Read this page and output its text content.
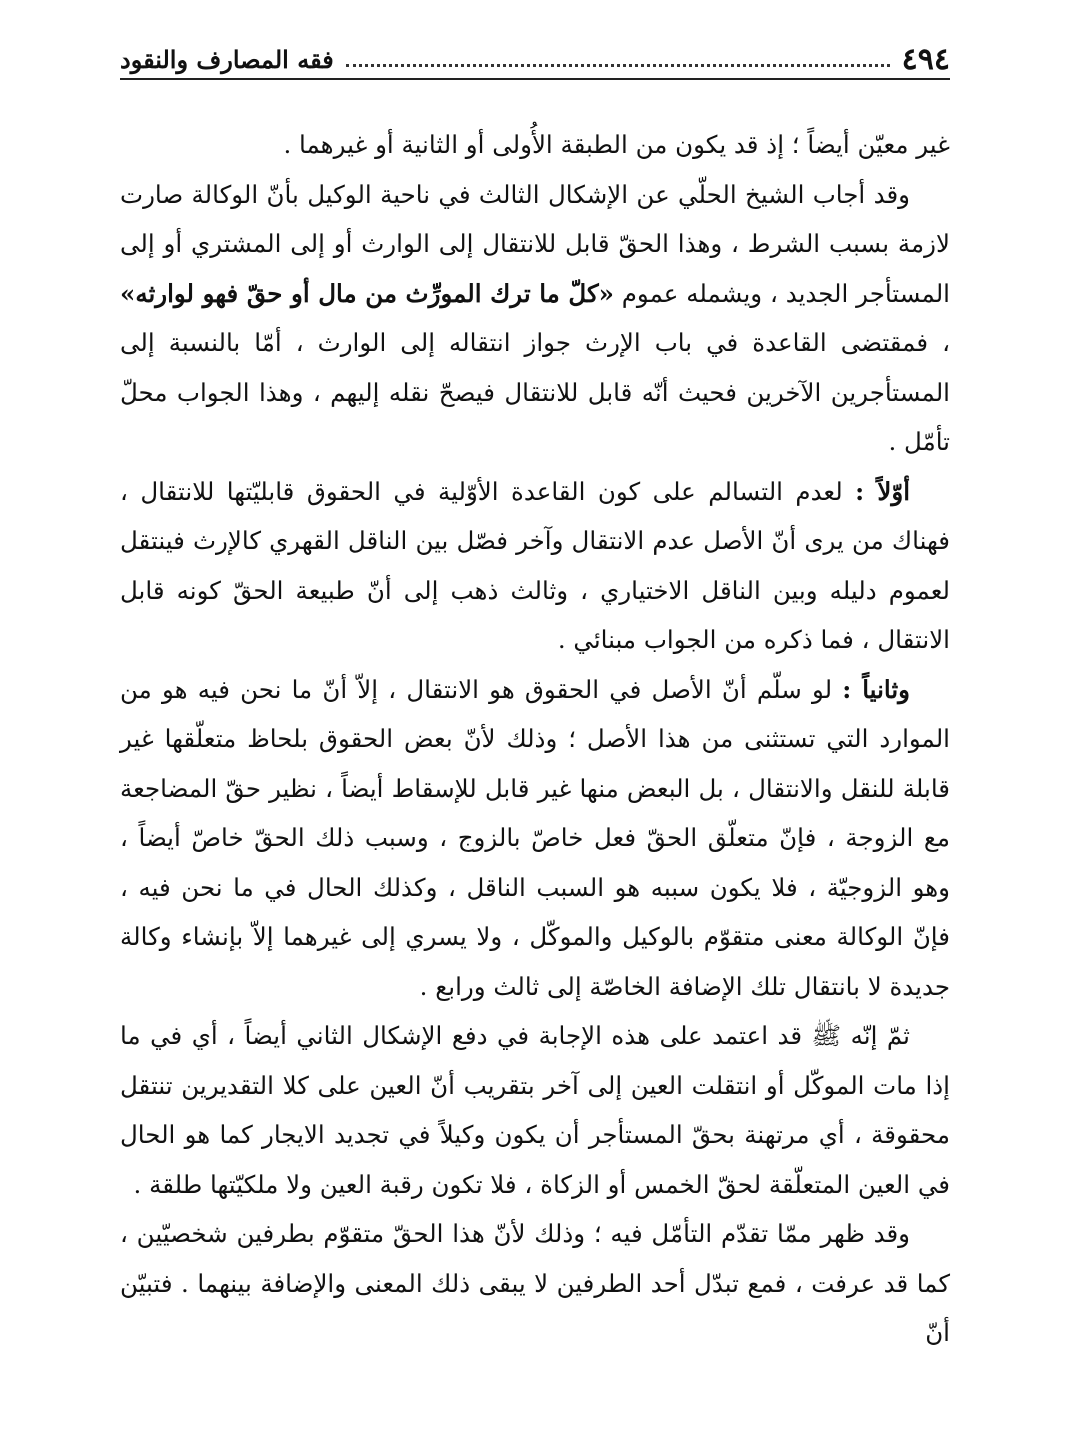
٤٩٤
فقه المصارف والنقود

غير معيّن أيضاً ؛ إذ قد يكون من الطبقة الأُولى أو الثانية أو غيرهما .

وقد أجاب الشيخ الحلّي عن الإشكال الثالث في ناحية الوكيل بأنّ الوكالة صارت لازمة بسبب الشرط ، وهذا الحقّ قابل للانتقال إلى الوارث أو إلى المشتري أو إلى المستأجر الجديد ، ويشمله عموم «كلّ ما ترك المورِّث من مال أو حقّ فهو لوارثه» ، فمقتضى القاعدة في باب الإرث جواز انتقاله إلى الوارث ، أمّا بالنسبة إلى المستأجرين الآخرين فحيث أنّه قابل للانتقال فيصحّ نقله إليهم ، وهذا الجواب محلّ تأمّل .

أوّلاً : لعدم التسالم على كون القاعدة الأوّلية في الحقوق قابليّتها للانتقال ، فهناك من يرى أنّ الأصل عدم الانتقال وآخر فصّل بين الناقل القهري كالإرث فينتقل لعموم دليله وبين الناقل الاختياري ، وثالث ذهب إلى أنّ طبيعة الحقّ كونه قابل الانتقال ، فما ذكره من الجواب مبنائي .

وثانياً : لو سلّم أنّ الأصل في الحقوق هو الانتقال ، إلاّ أنّ ما نحن فيه هو من الموارد التي تستثنى من هذا الأصل ؛ وذلك لأنّ بعض الحقوق بلحاظ متعلّقها غير قابلة للنقل والانتقال ، بل البعض منها غير قابل للإسقاط أيضاً ، نظير حقّ المضاجعة مع الزوجة ، فإنّ متعلّق الحقّ فعل خاصّ بالزوج ، وسبب ذلك الحقّ خاصّ أيضاً ، وهو الزوجيّة ، فلا يكون سببه هو السبب الناقل ، وكذلك الحال في ما نحن فيه ، فإنّ الوكالة معنى متقوّم بالوكيل والموكّل ، ولا يسري إلى غيرهما إلاّ بإنشاء وكالة جديدة لا بانتقال تلك الإضافة الخاصّة إلى ثالث ورابع .

ثمّ إنّه ﷺ قد اعتمد على هذه الإجابة في دفع الإشكال الثاني أيضاً ، أي في ما إذا مات الموكّل أو انتقلت العين إلى آخر بتقريب أنّ العين على كلا التقديرين تنتقل محقوقة ، أي مرتهنة بحقّ المستأجر أن يكون وكيلاً في تجديد الايجار كما هو الحال في العين المتعلّقة لحقّ الخمس أو الزكاة ، فلا تكون رقبة العين ولا ملكيّتها طلقة .

وقد ظهر ممّا تقدّم التأمّل فيه ؛ وذلك لأنّ هذا الحقّ متقوّم بطرفين شخصيّين ، كما قد عرفت ، فمع تبدّل أحد الطرفين لا يبقى ذلك المعنى والإضافة بينهما . فتبيّن أنّ
